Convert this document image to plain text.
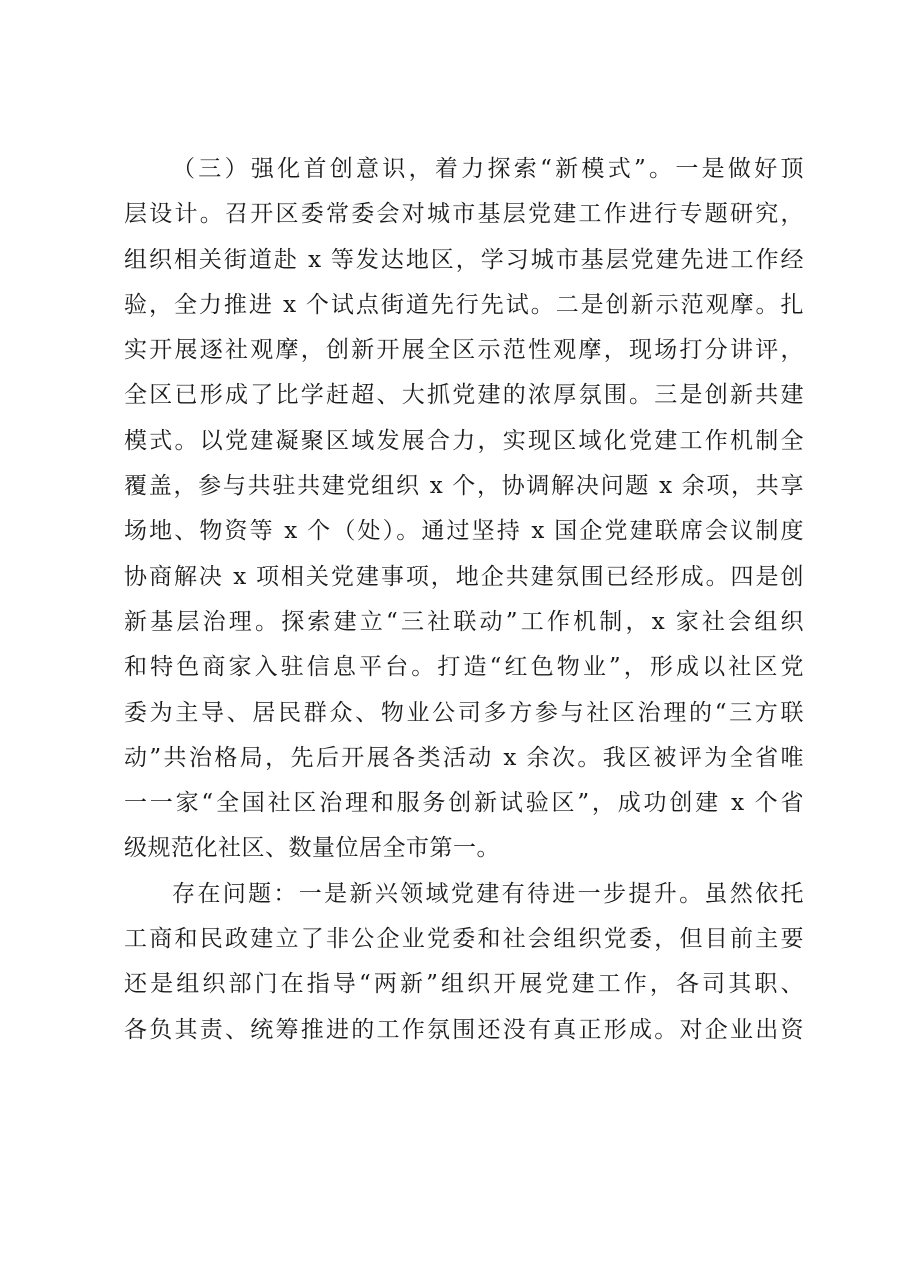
（三）强化首创意识，着力探索“新模式”。一是做好顶
层设计。召开区委常委会对城市基层党建工作进行专题研究，
组织相关街道赴 x 等发达地区，学习城市基层党建先进工作经
验，全力推进 x 个试点街道先行先试。二是创新示范观摩。扎
实开展逐社观摩，创新开展全区示范性观摩，现场打分讲评，
全区已形成了比学赶超、大抓党建的浓厚氛围。三是创新共建
模式。以党建凝聚区域发展合力，实现区域化党建工作机制全
覆盖，参与共驻共建党组织 x 个，协调解决问题 x 余项，共享
场地、物资等 x 个（处）。通过坚持 x 国企党建联席会议制度
协商解决 x 项相关党建事项，地企共建氛围已经形成。四是创
新基层治理。探索建立“三社联动”工作机制，x 家社会组织
和特色商家入驻信息平台。打造“红色物业”，形成以社区党
委为主导、居民群众、物业公司多方参与社区治理的“三方联
动”共治格局，先后开展各类活动 x 余次。我区被评为全省唯
一一家“全国社区治理和服务创新试验区”，成功创建 x 个省
级规范化社区、数量位居全市第一。
存在问题：一是新兴领域党建有待进一步提升。虽然依托
工商和民政建立了非公企业党委和社会组织党委，但目前主要
还是组织部门在指导“两新”组织开展党建工作，各司其职、
各负其责、统筹推进的工作氛围还没有真正形成。对企业出资
